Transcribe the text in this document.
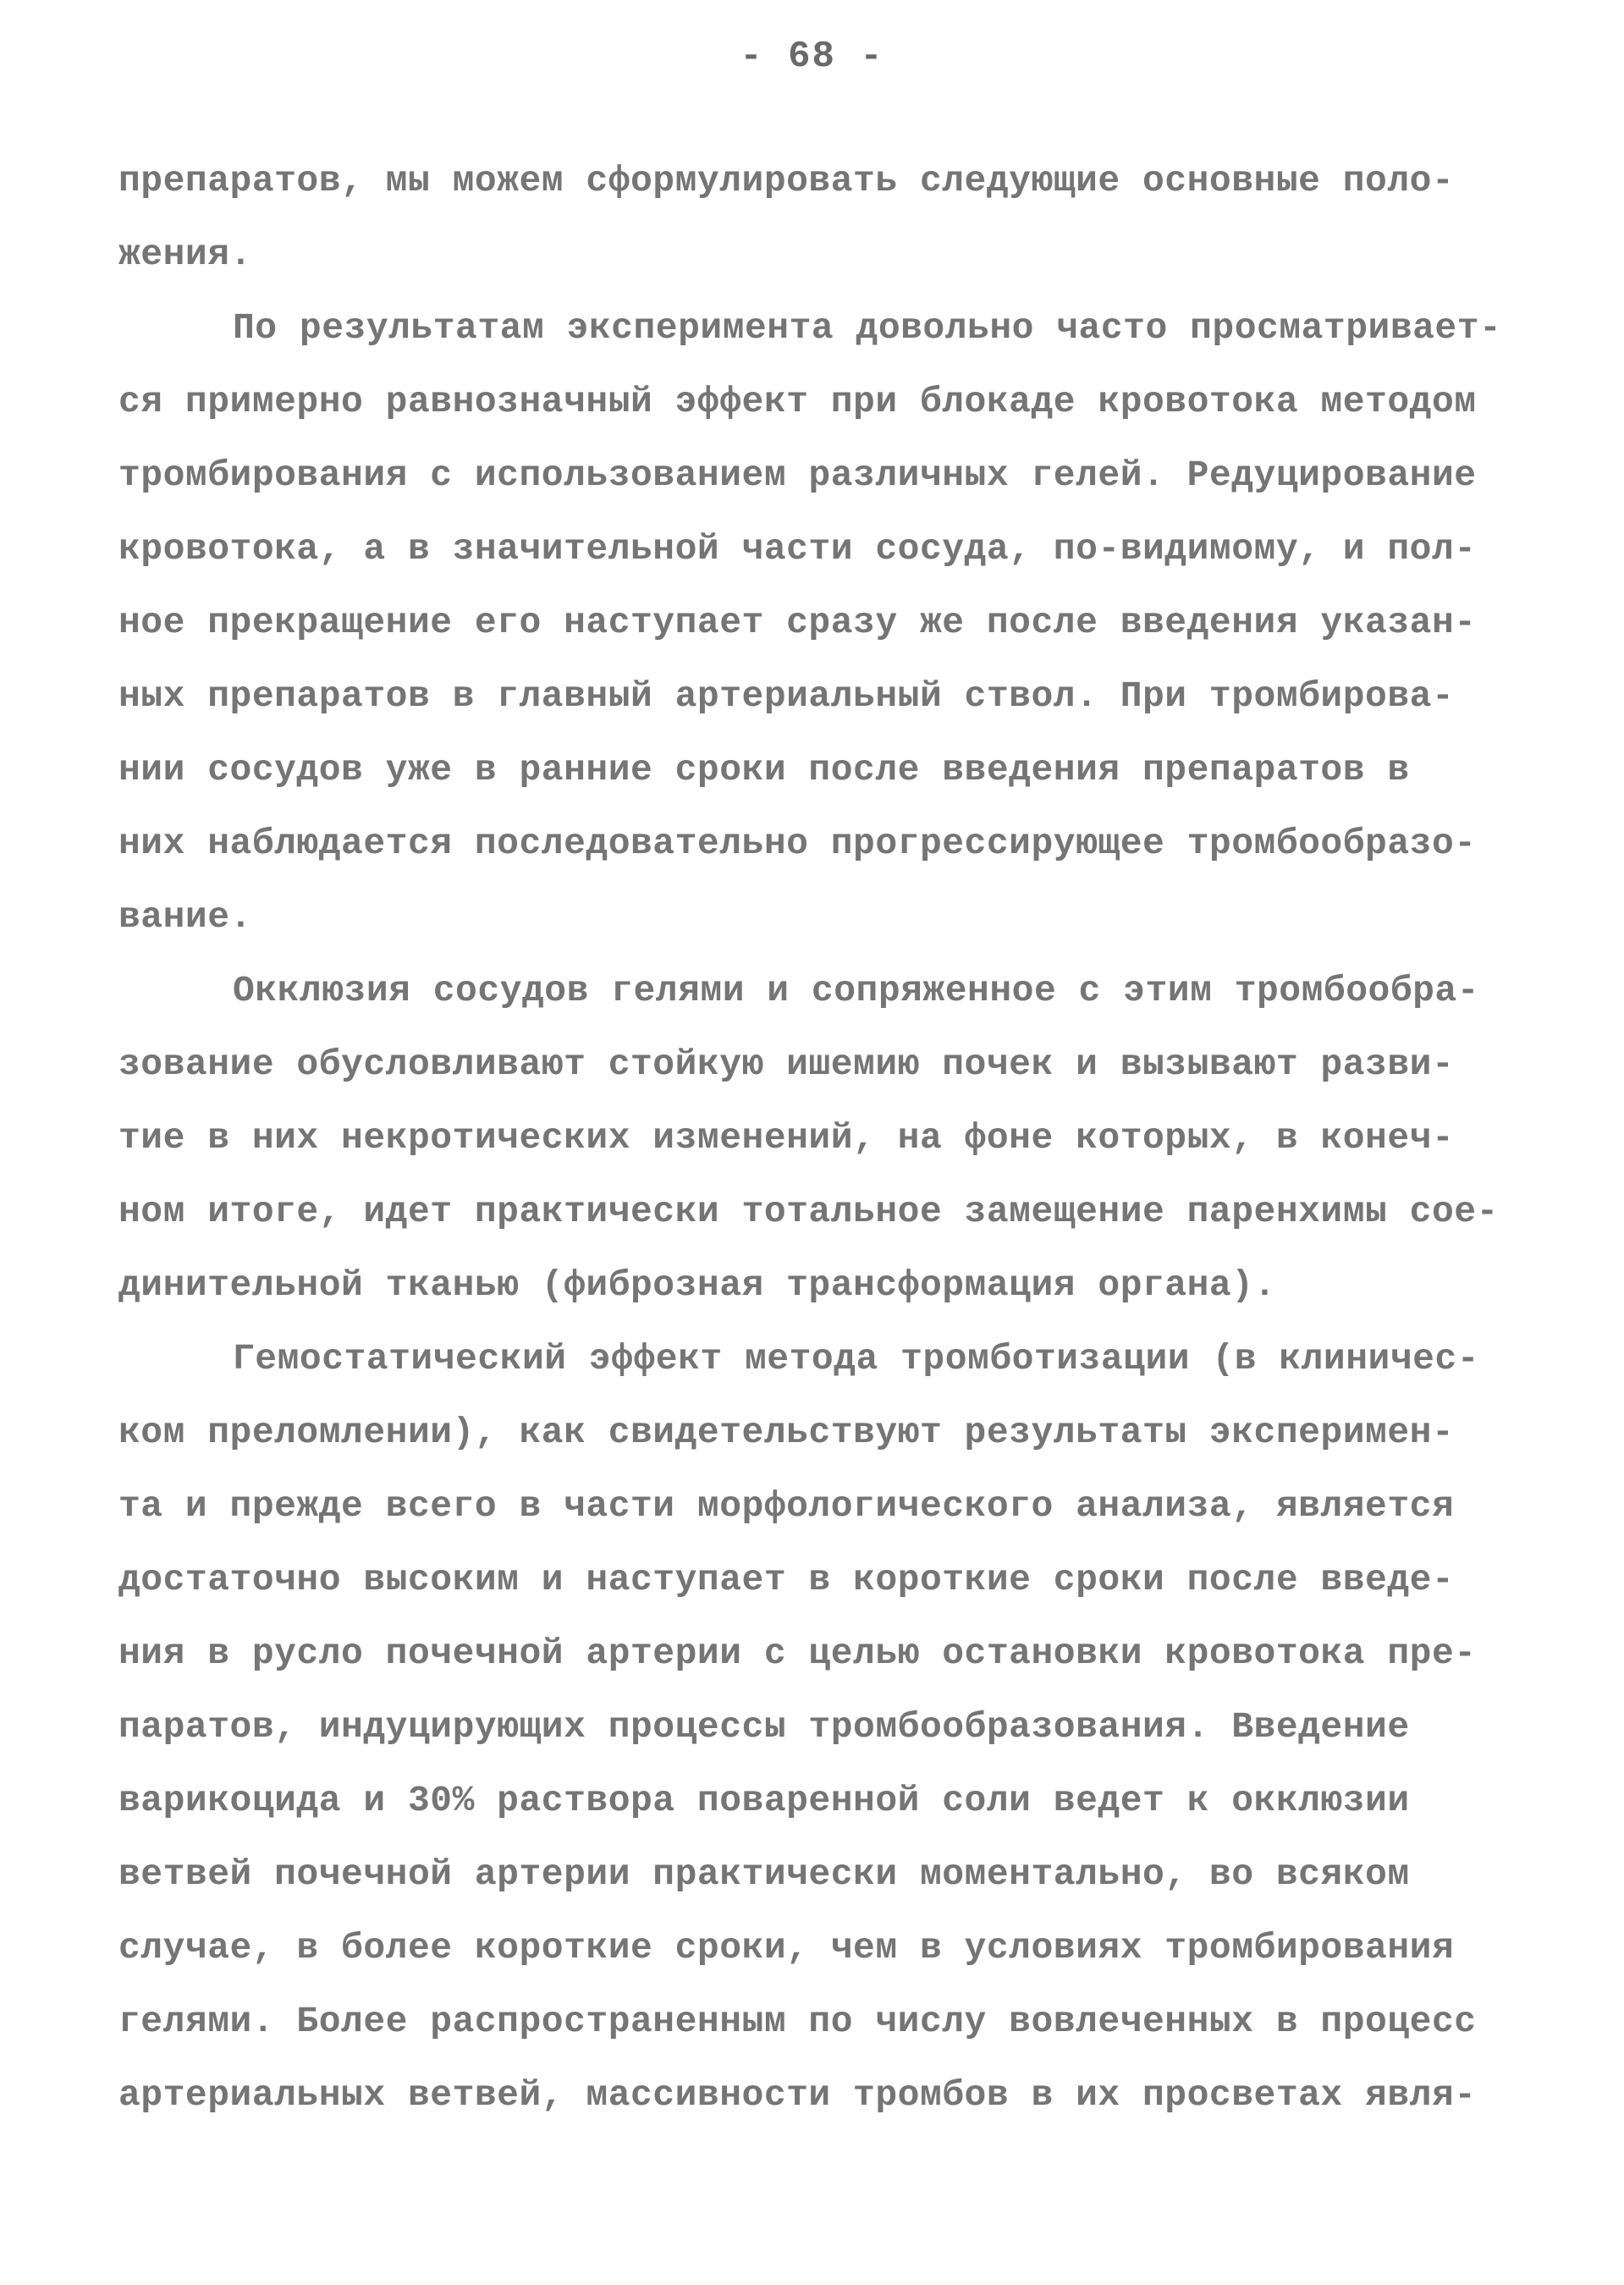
- 68 -
препаратов, мы можем сформулировать следующие основные поло-
жения.
По результатам эксперимента довольно часто просматривает-
ся примерно равнозначный эффект при блокаде кровотока методом
тромбирования с использованием различных гелей. Редуцирование
кровотока, а в значительной части сосуда, по-видимому, и пол-
ное прекращение его наступает сразу же после введения указан-
ных препаратов в главный артериальный ствол. При тромбирова-
нии сосудов уже в ранние сроки после введения препаратов в
них наблюдается последовательно прогрессирующее тромбообразо-
вание.
Окклюзия сосудов гелями и сопряженное с этим тромбообра-
зование обусловливают стойкую ишемию почек и вызывают разви-
тие в них некротических изменений, на фоне которых, в конеч-
ном итоге, идет практически тотальное замещение паренхимы сое-
динительной тканью (фиброзная трансформация органа).
Гемостатический эффект метода тромботизации (в клиничес-
ком преломлении), как свидетельствуют результаты эксперимен-
та и прежде всего в части морфологического анализа, является
достаточно высоким и наступает в короткие сроки после введе-
ния в русло почечной артерии с целью остановки кровотока пре-
паратов, индуцирующих процессы тромбообразования. Введение
варикоцида и 30% раствора поваренной соли ведет к окклюзии
ветвей почечной артерии практически моментально, во всяком
случае, в более короткие сроки, чем в условиях тромбирования
гелями. Более распространенным по числу вовлеченных в процесс
артериальных ветвей, массивности тромбов в их просветах явля-
